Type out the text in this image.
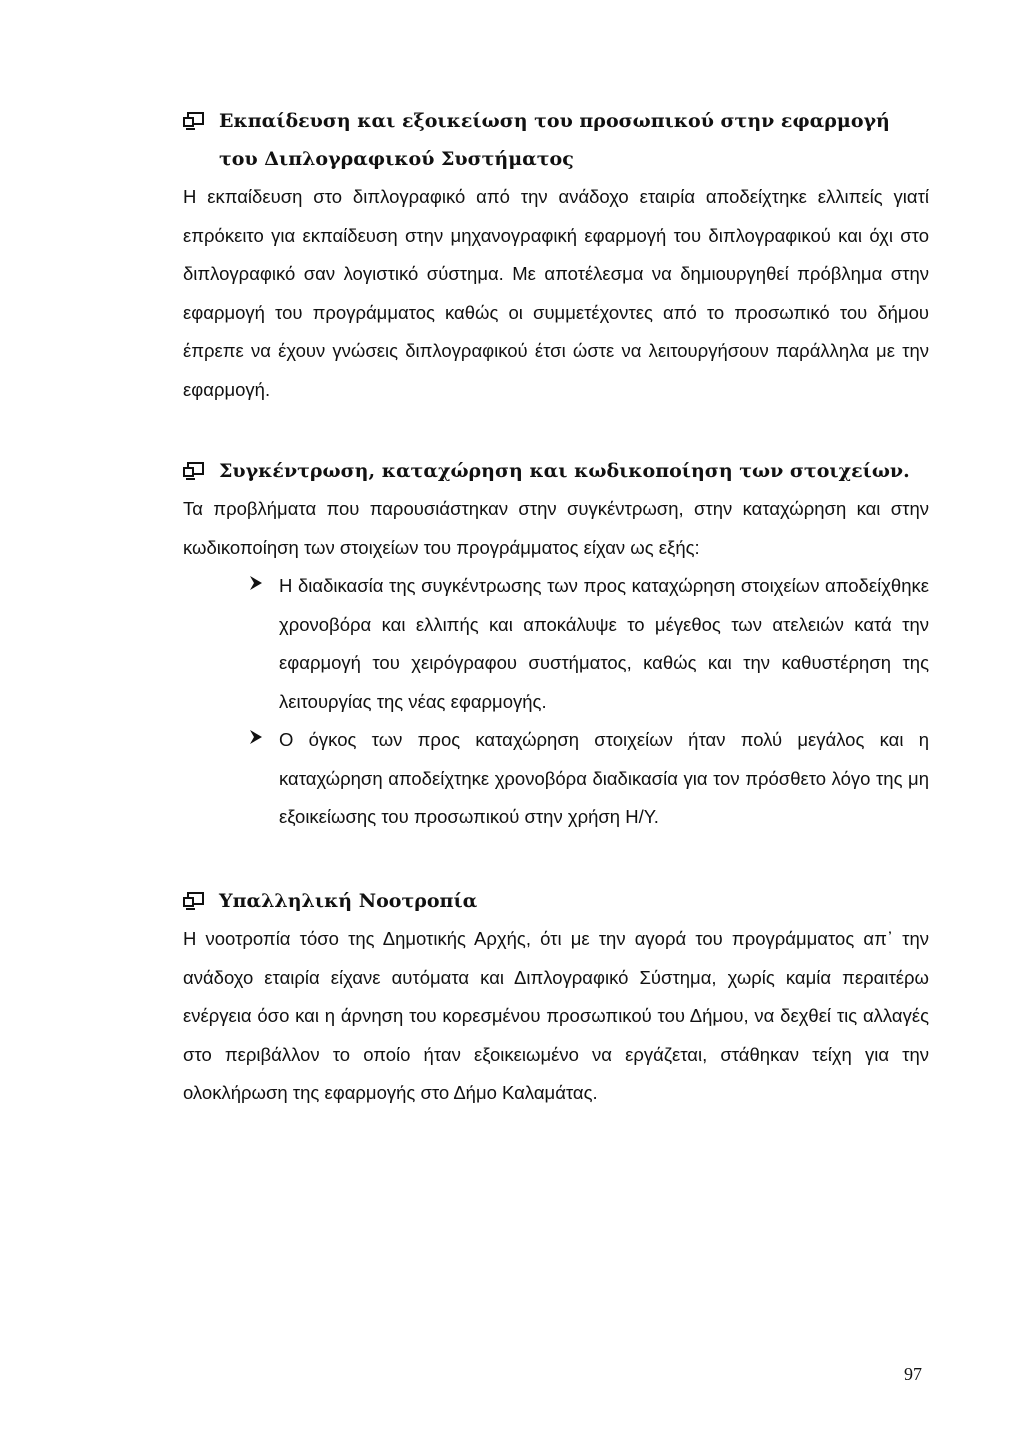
Εκπαίδευση και εξοικείωση του προσωπικού στην εφαρμογή του Διπλογραφικού Συστήματος
Η εκπαίδευση στο διπλογραφικό από την ανάδοχο εταιρία αποδείχτηκε ελλιπείς γιατί επρόκειτο για εκπαίδευση στην μηχανογραφική εφαρμογή του διπλογραφικού και όχι στο διπλογραφικό σαν λογιστικό σύστημα. Με αποτέλεσμα να δημιουργηθεί πρόβλημα στην εφαρμογή του προγράμματος καθώς οι συμμετέχοντες από το προσωπικό του δήμου έπρεπε να έχουν γνώσεις διπλογραφικού έτσι ώστε να λειτουργήσουν παράλληλα με την εφαρμογή.
Συγκέντρωση, καταχώρηση και κωδικοποίηση των στοιχείων.
Τα προβλήματα που παρουσιάστηκαν στην συγκέντρωση, στην καταχώρηση και στην κωδικοποίηση των στοιχείων του προγράμματος είχαν ως εξής:
Η διαδικασία της συγκέντρωσης των προς καταχώρηση στοιχείων αποδείχθηκε χρονοβόρα και ελλιπής και αποκάλυψε το μέγεθος των ατελειών κατά την εφαρμογή του χειρόγραφου συστήματος, καθώς και την καθυστέρηση της λειτουργίας της νέας εφαρμογής.
Ο όγκος των προς καταχώρηση στοιχείων ήταν πολύ μεγάλος και η καταχώρηση αποδείχτηκε χρονοβόρα διαδικασία για τον πρόσθετο λόγο της μη εξοικείωσης του προσωπικού στην χρήση Η/Υ.
Υπαλληλική Νοοτροπία
Η νοοτροπία τόσο της Δημοτικής Αρχής, ότι με την αγορά του προγράμματος απ᾽ την ανάδοχο εταιρία είχανε αυτόματα και Διπλογραφικό Σύστημα, χωρίς καμία περαιτέρω ενέργεια όσο και η άρνηση του κορεσμένου προσωπικού του Δήμου, να δεχθεί τις αλλαγές στο περιβάλλον το οποίο ήταν εξοικειωμένο να εργάζεται, στάθηκαν τείχη για την ολοκλήρωση της εφαρμογής στο Δήμο Καλαμάτας.
97
